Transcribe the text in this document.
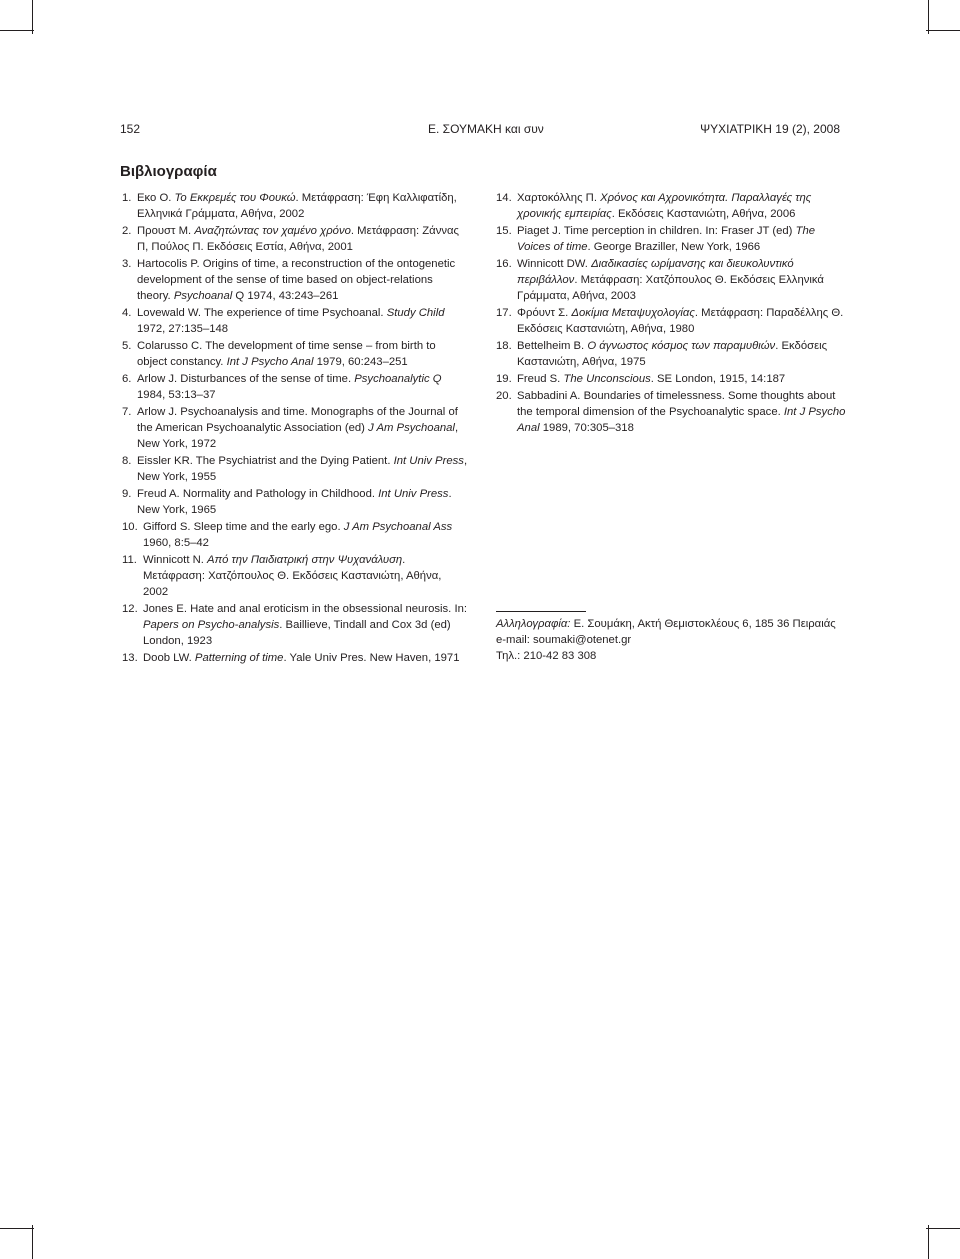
152	Ε. ΣΟΥΜΑΚΗ και συν	ΨΥΧΙΑΤΡΙΚΗ 19 (2), 2008
Βιβλιογραφία
1. Εκο Ο. Το Εκκρεμές του Φουκώ. Μετάφραση: Έφη Καλλιφατίδη, Ελληνικά Γράμματα, Αθήνα, 2002
2. Προυστ Μ. Αναζητώντας τον χαμένο χρόνο. Μετάφραση: Ζάννας Π, Πούλος Π. Εκδόσεις Εστία, Αθήνα, 2001
3. Hartocolis P. Origins of time, a reconstruction of the ontogenetic development of the sense of time based on object-relations theory. Psychoanal Q 1974, 43:243–261
4. Lovewald W. The experience of time Psychoanal. Study Child 1972, 27:135–148
5. Colarusso C. The development of time sense – from birth to object constancy. Int J Psycho Anal 1979, 60:243–251
6. Arlow J. Disturbances of the sense of time. Psychoanalytic Q 1984, 53:13–37
7. Arlow J. Psychoanalysis and time. Monographs of the Journal of the American Psychoanalytic Association (ed) J Am Psychoanal, New York, 1972
8. Eissler KR. The Psychiatrist and the Dying Patient. Int Univ Press, New York, 1955
9. Freud A. Normality and Pathology in Childhood. Int Univ Press. New York, 1965
10. Gifford S. Sleep time and the early ego. J Am Psychoanal Ass 1960, 8:5–42
11. Winnicott N. Από την Παιδιατρική στην Ψυχανάλυση. Μετάφραση: Χατζόπουλος Θ. Εκδόσεις Καστανιώτη, Αθήνα, 2002
12. Jones E. Hate and anal eroticism in the obsessional neurosis. In: Papers on Psycho-analysis. Baillieve, Tindall and Cox 3d (ed) London, 1923
13. Doob LW. Patterning of time. Yale Univ Pres. New Haven, 1971
14. Χαρτοκόλλης Π. Χρόνος και Αχρονικότητα. Παραλλαγές της χρονικής εμπειρίας. Εκδόσεις Καστανιώτη, Αθήνα, 2006
15. Piaget J. Time perception in children. In: Fraser JT (ed) The Voices of time. George Braziller, New York, 1966
16. Winnicott DW. Διαδικασίες ωρίμανσης και διευκολυντικό περιβάλλον. Μετάφραση: Χατζόπουλος Θ. Εκδόσεις Ελληνικά Γράμματα, Αθήνα, 2003
17. Φρόυντ Σ. Δοκίμια Μεταψυχολογίας. Μετάφραση: Παραδέλλης Θ. Εκδόσεις Καστανιώτη, Αθήνα, 1980
18. Bettelheim B. Ο άγνωστος κόσμος των παραμυθιών. Εκδόσεις Καστανιώτη, Αθήνα, 1975
19. Freud S. The Unconscious. SE London, 1915, 14:187
20. Sabbadini A. Boundaries of timelessness. Some thoughts about the temporal dimension of the Psychoanalytic space. Int J Psycho Anal 1989, 70:305–318
Αλληλογραφία: Ε. Σουμάκη, Ακτή Θεμιστοκλέους 6, 185 36 Πειραιάς
e-mail: soumaki@otenet.gr
Τηλ.: 210-42 83 308
